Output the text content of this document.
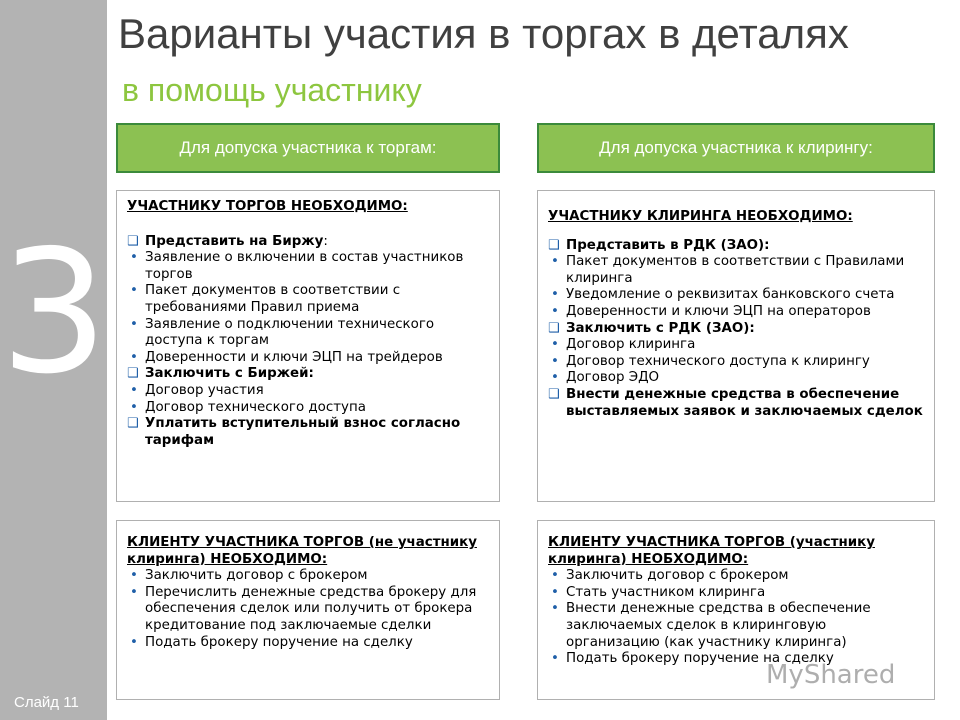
3
Слайд 11
Варианты участия в торгах в деталях
в помощь участнику
Для допуска участника к торгам:	Для допуска участника к клирингу:
УЧАСТНИКУ ТОРГОВ НЕОБХОДИМО:
❑ Представить на Биржу:
• Заявление о включении в состав участников торгов
• Пакет документов в соответствии с требованиями Правил приема
• Заявление о подключении технического доступа к торгам
• Доверенности и ключи ЭЦП на трейдеров
❑ Заключить с Биржей:
• Договор участия
• Договор технического доступа
❑ Уплатить вступительный взнос согласно тарифам
УЧАСТНИКУ КЛИРИНГА НЕОБХОДИМО:
❑ Представить в РДК (ЗАО):
• Пакет документов в соответствии с Правилами клиринга
• Уведомление о реквизитах банковского счета
• Доверенности и ключи ЭЦП на операторов
❑ Заключить с РДК (ЗАО):
• Договор клиринга
• Договор технического доступа к клирингу
• Договор ЭДО
❑ Внести денежные средства в обеспечение выставляемых заявок и заключаемых сделок
КЛИЕНТУ УЧАСТНИКА ТОРГОВ (не участнику клиринга) НЕОБХОДИМО:
• Заключить договор с брокером
• Перечислить денежные средства брокеру для обеспечения сделок или получить от брокера кредитование под заключаемые сделки
• Подать брокеру поручение на сделку
КЛИЕНТУ УЧАСТНИКА ТОРГОВ (участнику клиринга) НЕОБХОДИМО:
• Заключить договор с брокером
• Стать участником клиринга
• Внести денежные средства в обеспечение заключаемых сделок в клиринговую организацию (как участнику клиринга)
• Подать брокеру поручение на сделку
MyShared
